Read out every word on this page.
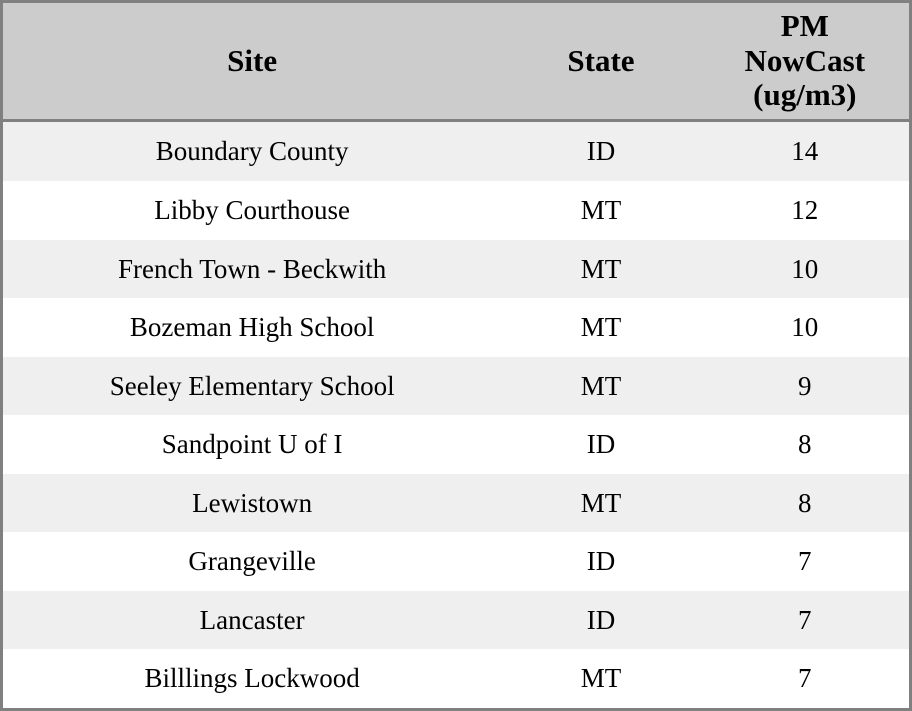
Site	State	PM
NowCast
(ug/m3)

Boundary County	ID	14
Libby Courthouse	MT	12
French Town - Beckwith	MT	10
Bozeman High School	MT	10
Seeley Elementary School	MT	9
Sandpoint U of I	ID	8
Lewistown	MT	8
Grangeville	ID	7
Lancaster	ID	7
Billlings Lockwood	MT	7
